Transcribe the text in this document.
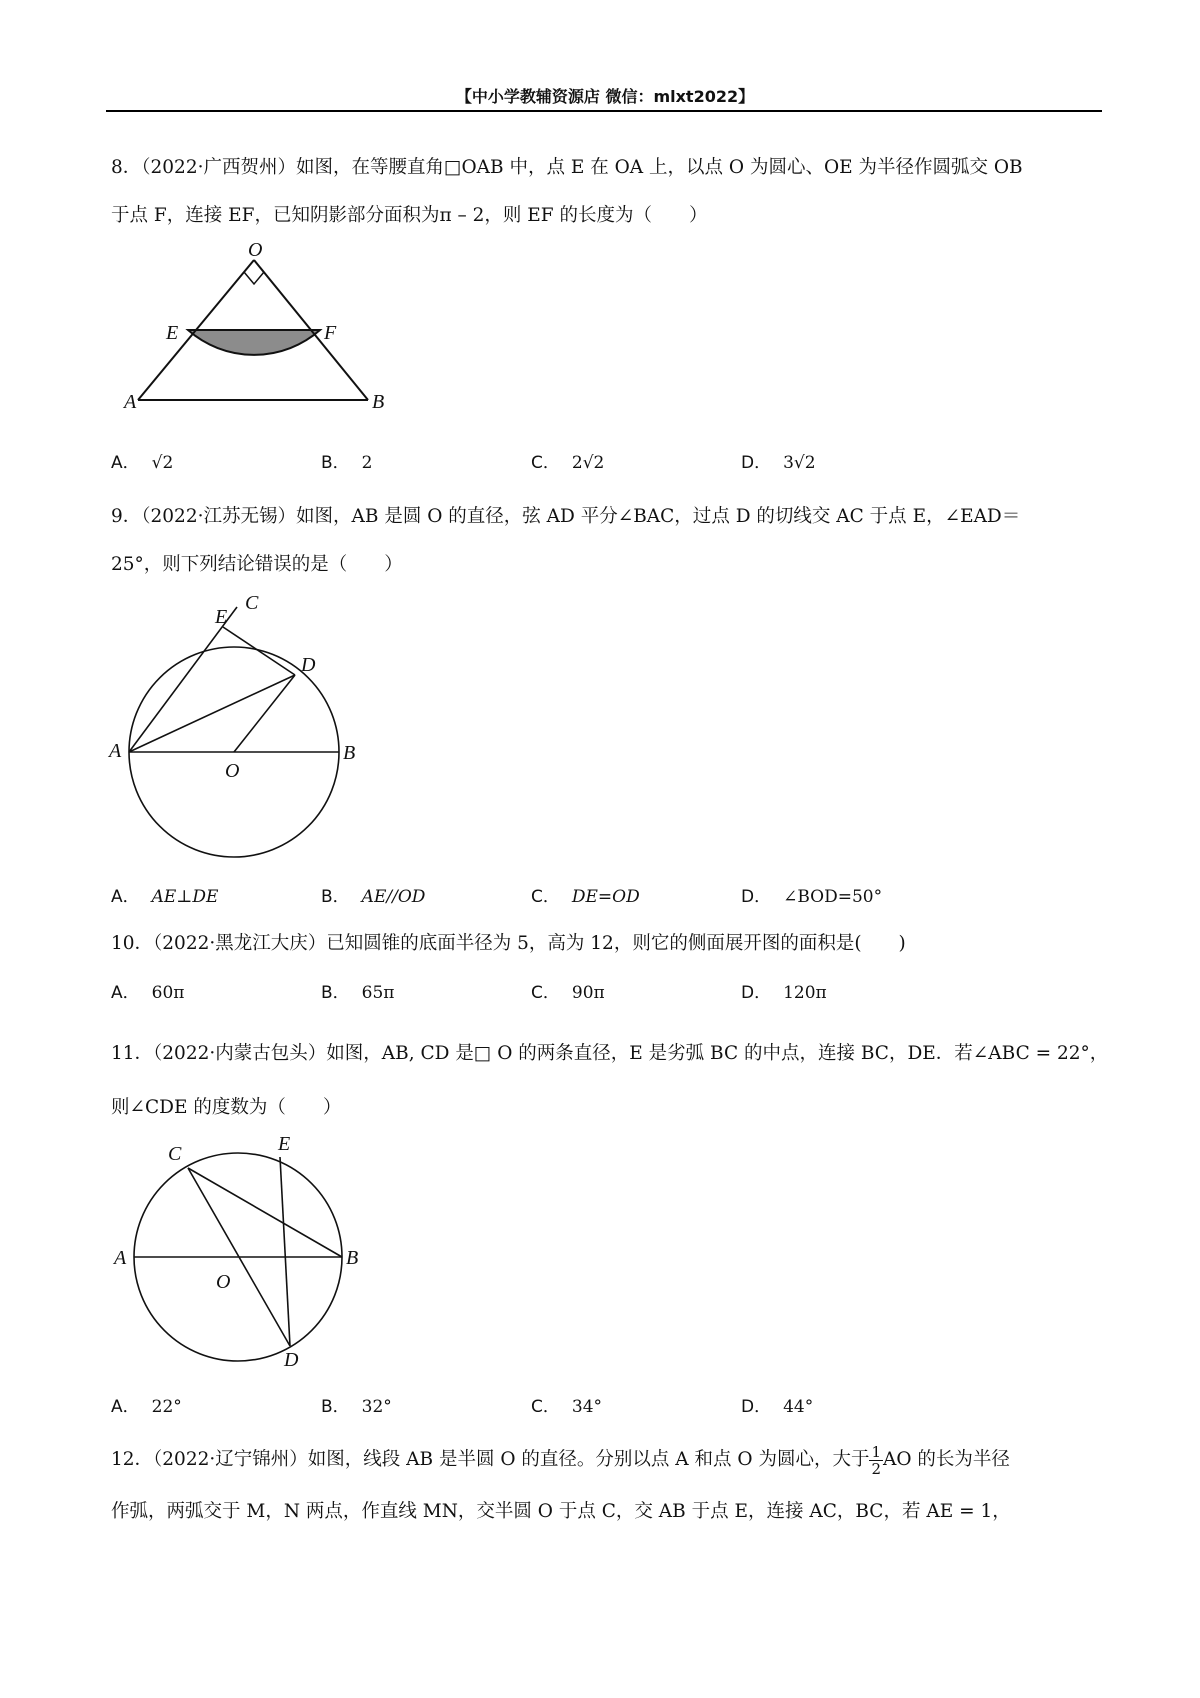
【中小学教辅资源店 微信：mlxt2022】
8．（2022·广西贺州）如图，在等腰直角□OAB 中，点 E 在 OA 上，以点 O 为圆心、OE 为半径作圆弧交 OB
于点 F，连接 EF，已知阴影部分面积为π – 2，则 EF 的长度为（　　）
O
E	F
A	B
A． √2	B． 2	C． 2√2	D． 3√2
9．（2022·江苏无锡）如图，AB 是圆 O 的直径，弦 AD 平分∠BAC，过点 D 的切线交 AC 于点 E，∠EAD＝
25°，则下列结论错误的是（　　）
E
C
D
A
O
B
A． AE⊥DE	B． AE//OD	C． DE=OD	D． ∠BOD=50°
10．（2022·黑龙江大庆）已知圆锥的底面半径为 5，高为 12，则它的侧面展开图的面积是(　　)
A． 60π	B． 65π	C． 90π	D． 120π
11．（2022·内蒙古包头）如图，AB, CD 是□ O 的两条直径，E 是劣弧 BC 的中点，连接 BC，DE．若∠ABC = 22°，
则∠CDE 的度数为（　　）
C	E
A
O
B
D
A． 22°	B． 32°	C． 34°	D． 44°
12．（2022·辽宁锦州）如图，线段 AB 是半圆 O 的直径。分别以点 A 和点 O 为圆心，大于 $\frac{1}{2}$ AO 的长为半径
作弧，两弧交于 M，N 两点，作直线 MN，交半圆 O 于点 C，交 AB 于点 E，连接 AC，BC，若 AE = 1，
